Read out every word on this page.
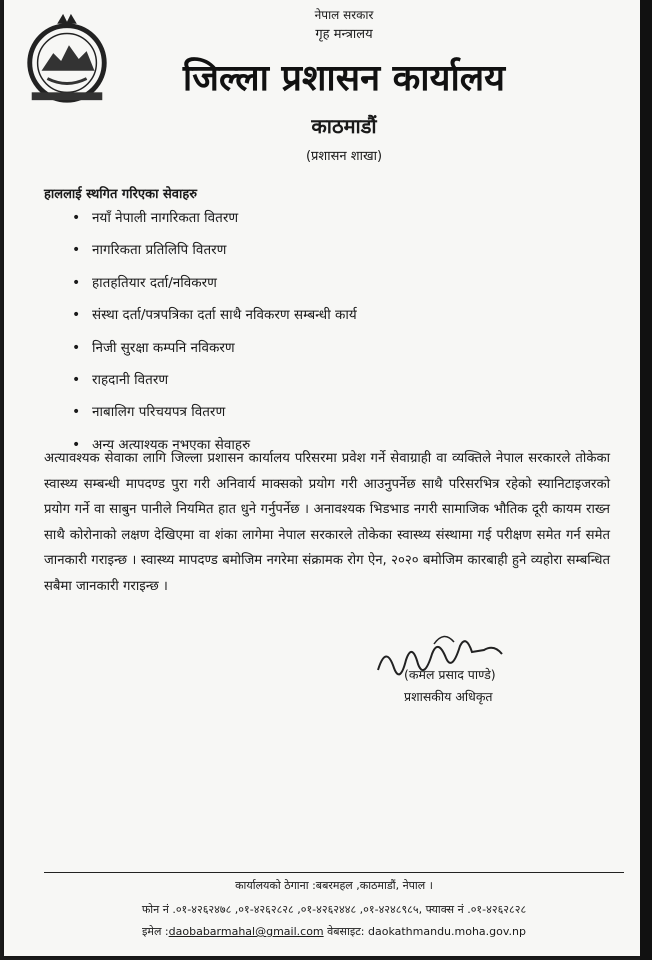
नेपाल सरकार
गृह मन्त्रालय
जिल्ला प्रशासन कार्यालय
काठमाडौं
(प्रशासन शाखा)
हाललाई स्थगित गरिएका सेवाहरु
• नयाँ नेपाली नागरिकता वितरण
• नागरिकता प्रतिलिपि वितरण
• हातहतियार दर्ता/नविकरण
• संस्था दर्ता/पत्रपत्रिका दर्ता साथै नविकरण सम्बन्धी कार्य
• निजी सुरक्षा कम्पनि नविकरण
• राहदानी वितरण
• नाबालिग परिचयपत्र वितरण
• अन्य अत्याश्यक नभएका सेवाहरु
अत्यावश्यक सेवाका लागि जिल्ला प्रशासन कार्यालय परिसरमा प्रवेश गर्ने सेवाग्राही वा व्यक्तिले नेपाल सरकारले तोकेका स्वास्थ्य सम्बन्धी मापदण्ड पुरा गरी अनिवार्य माक्सको प्रयोग गरी आउनुपर्नेछ साथै परिसरभित्र रहेको स्यानिटाइजरको प्रयोग गर्ने वा साबुन पानीले नियमित हात धुने गर्नुपर्नेछ । अनावश्यक भिडभाड नगरी सामाजिक भौतिक दूरी कायम राख्न साथै कोरोनाको लक्षण देखिएमा वा शंका लागेमा नेपाल सरकारले तोकेका स्वास्थ्य संस्थामा गई परीक्षण समेत गर्न समेत जानकारी गराइन्छ । स्वास्थ्य मापदण्ड बमोजिम नगरेमा संक्रामक रोग ऐन, २०२० बमोजिम कारबाही हुने व्यहोरा सम्बन्धित सबैमा जानकारी गराइन्छ ।
(कमल प्रसाद पाण्डे)
प्रशासकीय अधिकृत
कार्यालयको ठेगाना :बबरमहल ,काठमाडौं, नेपाल ।
फोन नं .०१-४२६२४७८ ,०१-४२६२८२८ ,०१-४२६२४४८ ,०१-४२४८९८५, फ्याक्स नं .०१-४२६२८२८
इमेल :daobabarmahal@gmail.com वेबसाइट: daokathmandu.moha.gov.np
